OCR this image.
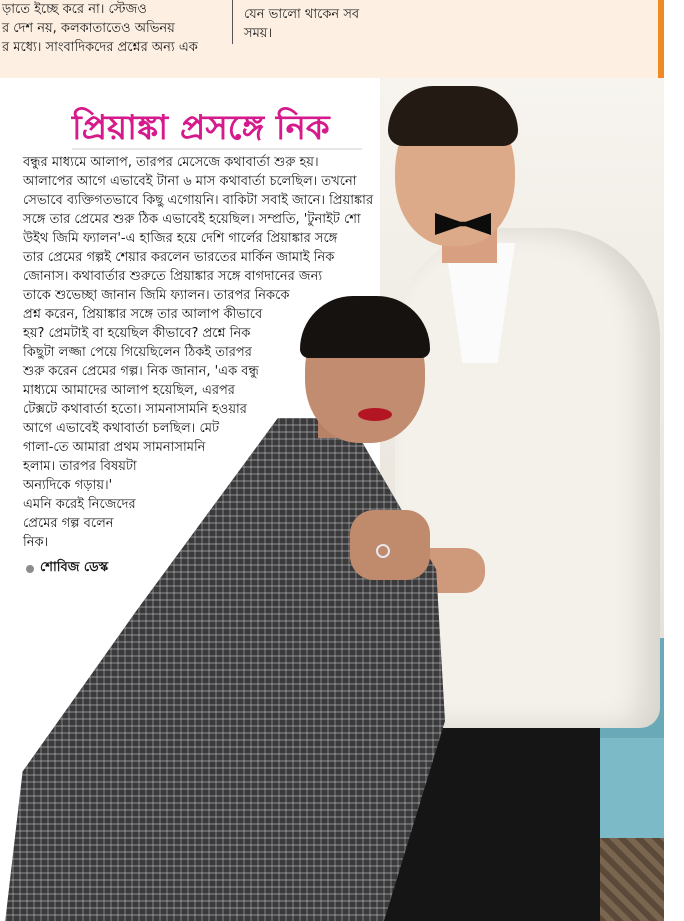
ড়াতে ইচ্ছে করে না। স্টেজও
র দেশ নয়, কলকাতাতেও অভিনয়
র মধ্যে। সাংবাদিকদের প্রশ্নের অন্য এক
যেন ভালো থাকেন সব
সময়।
প্রিয়াঙ্কা প্রসঙ্গে নিক
বন্ধুর মাধ্যমে আলাপ, তারপর মেসেজে কথাবার্তা শুরু হয়।
আলাপের আগে এভাবেই টানা ৬ মাস কথাবার্তা চলেছিল। তখনো
সেভাবে ব্যক্তিগতভাবে কিছু এগোয়নি। বাকিটা সবাই জানে। প্রিয়াঙ্কার
সঙ্গে তার প্রেমের শুরু ঠিক এভাবেই হয়েছিল। সম্প্রতি, 'টুনাইট শো
উইথ জিমি ফ্যালন'-এ হাজির হয়ে দেশি গার্লের প্রিয়াঙ্কার সঙ্গে
তার প্রেমের গল্পই শেয়ার করলেন ভারতের মার্কিন জামাই নিক
জোনাস। কথাবার্তার শুরুতে প্রিয়াঙ্কার সঙ্গে বাগদানের জন্য
তাকে শুভেচ্ছা জানান জিমি ফ্যালন। তারপর নিককে
প্রশ্ন করেন, প্রিয়াঙ্কার সঙ্গে তার আলাপ কীভাবে
হয়? প্রেমটাই বা হয়েছিল কীভাবে? প্রশ্নে নিক
কিছুটা লজ্জা পেয়ে গিয়েছিলেন ঠিকই তারপর
শুরু করেন প্রেমের গল্প। নিক জানান, 'এক বন্ধু
মাধ্যমে আমাদের আলাপ হয়েছিল, এরপর
টেক্সটে কথাবার্তা হতো। সামনাসামনি হওয়ার
আগে এভাবেই কথাবার্তা চলছিল। মেট
গালা-তে আমারা প্রথম সামনাসামনি
হলাম। তারপর বিষয়টা
অন্যদিকে গড়ায়।'
এমনি করেই নিজেদের
প্রেমের গল্প বলেন
নিক।
শোবিজ ডেস্ক
